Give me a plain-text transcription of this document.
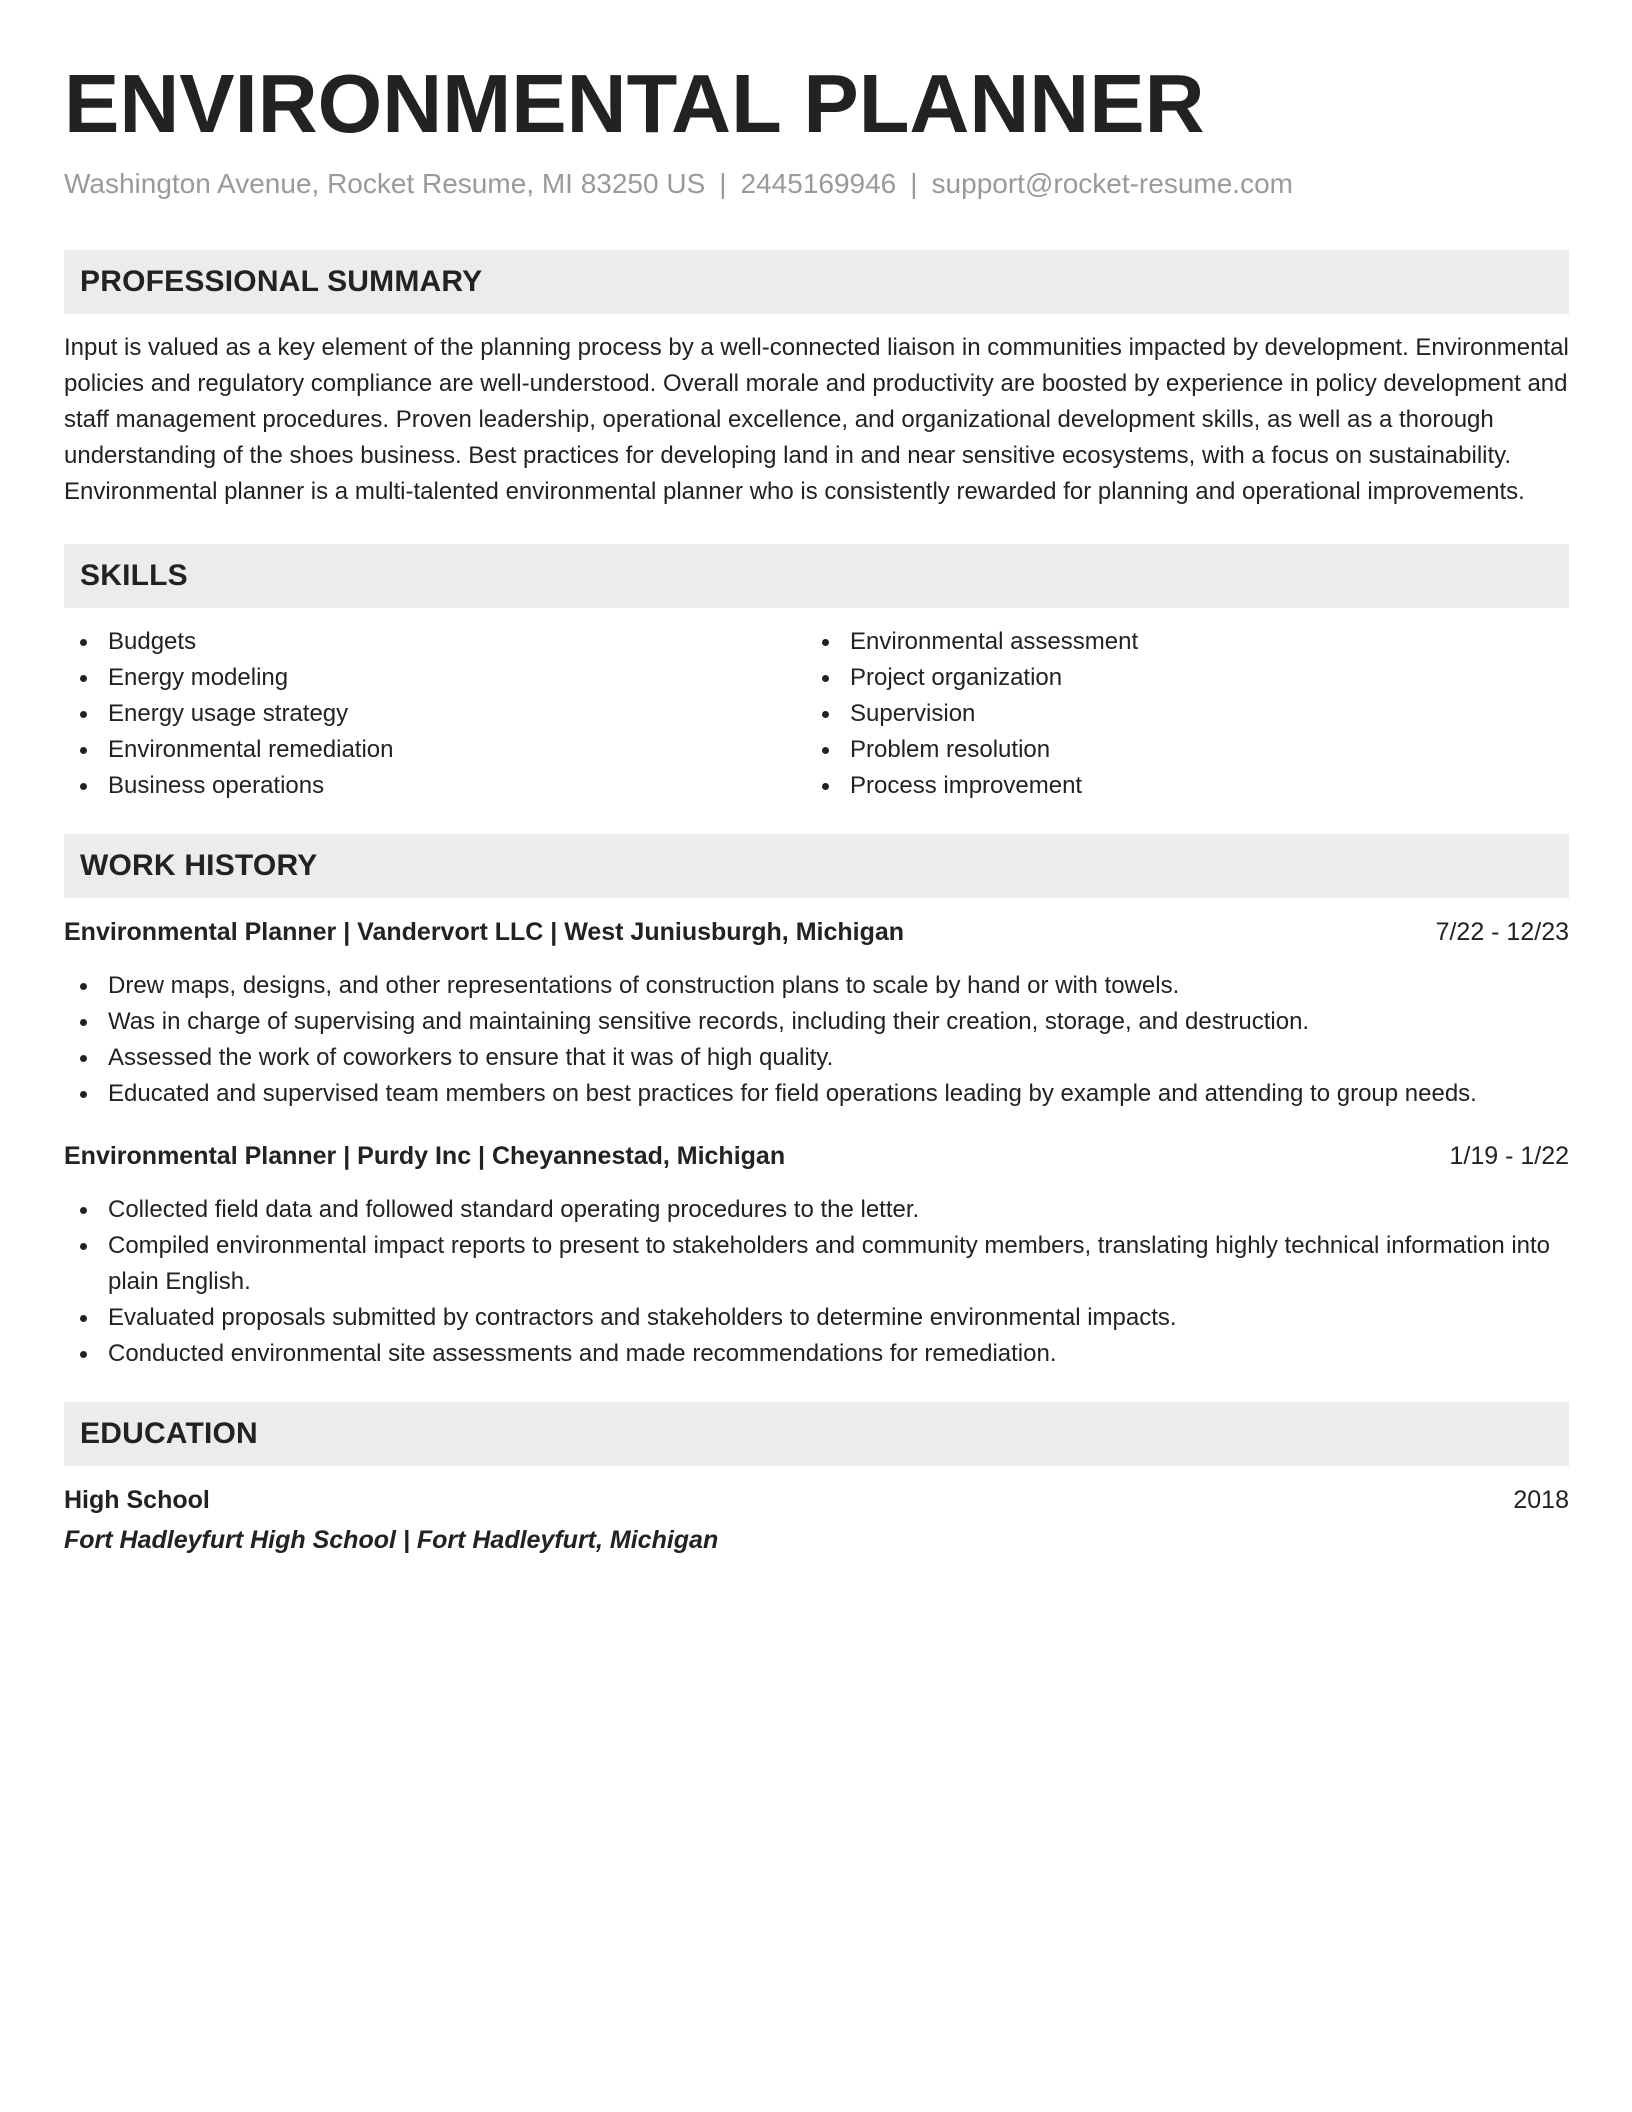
ENVIRONMENTAL PLANNER
Washington Avenue, Rocket Resume, MI 83250 US | 2445169946 | support@rocket-resume.com
PROFESSIONAL SUMMARY

Input is valued as a key element of the planning process by a well-connected liaison in communities impacted by development. Environmental policies and regulatory compliance are well-understood. Overall morale and productivity are boosted by experience in policy development and staff management procedures. Proven leadership, operational excellence, and organizational development skills, as well as a thorough understanding of the shoes business. Best practices for developing land in and near sensitive ecosystems, with a focus on sustainability. Environmental planner is a multi-talented environmental planner who is consistently rewarded for planning and operational improvements.

SKILLS
Budgets
Energy modeling
Energy usage strategy
Environmental remediation
Business operations
Environmental assessment
Project organization
Supervision
Problem resolution
Process improvement
WORK HISTORY
Environmental Planner | Vandervort LLC | West Juniusburgh, Michigan	7/22 - 12/23
Drew maps, designs, and other representations of construction plans to scale by hand or with towels.
Was in charge of supervising and maintaining sensitive records, including their creation, storage, and destruction.
Assessed the work of coworkers to ensure that it was of high quality.
Educated and supervised team members on best practices for field operations leading by example and attending to group needs.
Environmental Planner | Purdy Inc | Cheyannestad, Michigan	1/19 - 1/22
Collected field data and followed standard operating procedures to the letter.
Compiled environmental impact reports to present to stakeholders and community members, translating highly technical information into plain English.
Evaluated proposals submitted by contractors and stakeholders to determine environmental impacts.
Conducted environmental site assessments and made recommendations for remediation.
EDUCATION
High School	2018
Fort Hadleyfurt High School | Fort Hadleyfurt, Michigan
